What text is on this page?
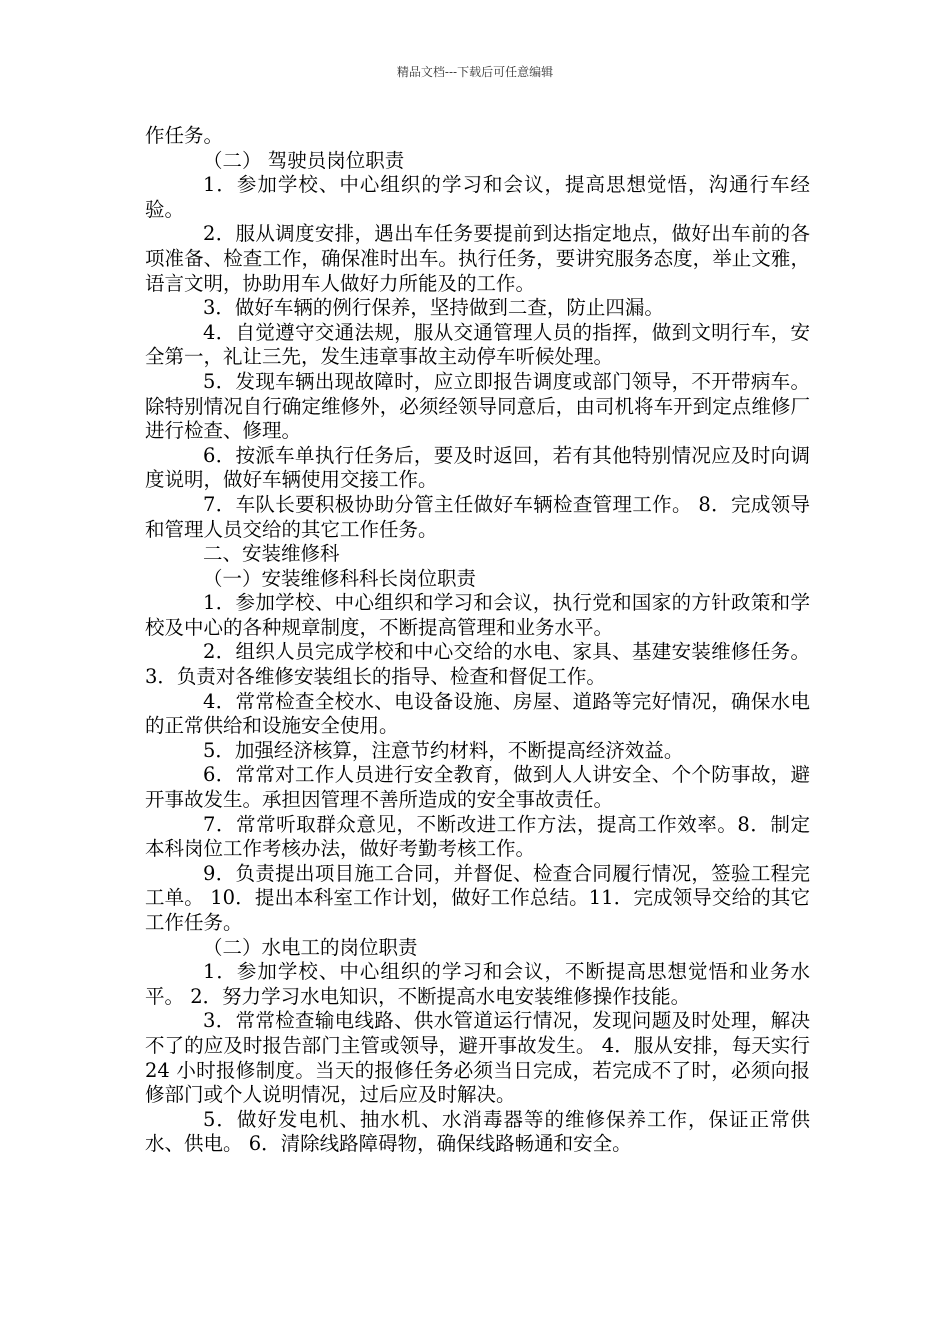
精品文档---下载后可任意编辑

作任务。

（二） 驾驶员岗位职责

1．参加学校、中心组织的学习和会议，提高思想觉悟，沟通行车经验。

2．服从调度安排，遇出车任务要提前到达指定地点，做好出车前的各项准备、检查工作，确保准时出车。执行任务，要讲究服务态度，举止文雅，语言文明，协助用车人做好力所能及的工作。

3．做好车辆的例行保养，坚持做到二查，防止四漏。

4．自觉遵守交通法规，服从交通管理人员的指挥，做到文明行车，安全第一，礼让三先，发生违章事故主动停车听候处理。

5．发现车辆出现故障时，应立即报告调度或部门领导，不开带病车。除特别情况自行确定维修外，必须经领导同意后，由司机将车开到定点维修厂进行检查、修理。

6．按派车单执行任务后，要及时返回，若有其他特别情况应及时向调度说明，做好车辆使用交接工作。

7．车队长要积极协助分管主任做好车辆检查管理工作。 8．完成领导和管理人员交给的其它工作任务。

二、安装维修科

（一）安装维修科科长岗位职责

1．参加学校、中心组织和学习和会议，执行党和国家的方针政策和学校及中心的各种规章制度，不断提高管理和业务水平。

2．组织人员完成学校和中心交给的水电、家具、基建安装维修任务。 3．负责对各维修安装组长的指导、检查和督促工作。

4．常常检查全校水、电设备设施、房屋、道路等完好情况，确保水电的正常供给和设施安全使用。

5．加强经济核算，注意节约材料，不断提高经济效益。

6．常常对工作人员进行安全教育，做到人人讲安全、个个防事故，避开事故发生。承担因管理不善所造成的安全事故责任。

7．常常听取群众意见，不断改进工作方法，提高工作效率。8．制定本科岗位工作考核办法，做好考勤考核工作。

9．负责提出项目施工合同，并督促、检查合同履行情况，签验工程完工单。 10．提出本科室工作计划，做好工作总结。11．完成领导交给的其它工作任务。

（二）水电工的岗位职责

1．参加学校、中心组织的学习和会议，不断提高思想觉悟和业务水平。 2．努力学习水电知识，不断提高水电安装维修操作技能。

3．常常检查输电线路、供水管道运行情况，发现问题及时处理，解决不了的应及时报告部门主管或领导，避开事故发生。 4．服从安排，每天实行 24 小时报修制度。当天的报修任务必须当日完成，若完成不了时，必须向报修部门或个人说明情况，过后应及时解决。

5．做好发电机、抽水机、水消毒器等的维修保养工作，保证正常供水、供电。 6．清除线路障碍物，确保线路畅通和安全。
